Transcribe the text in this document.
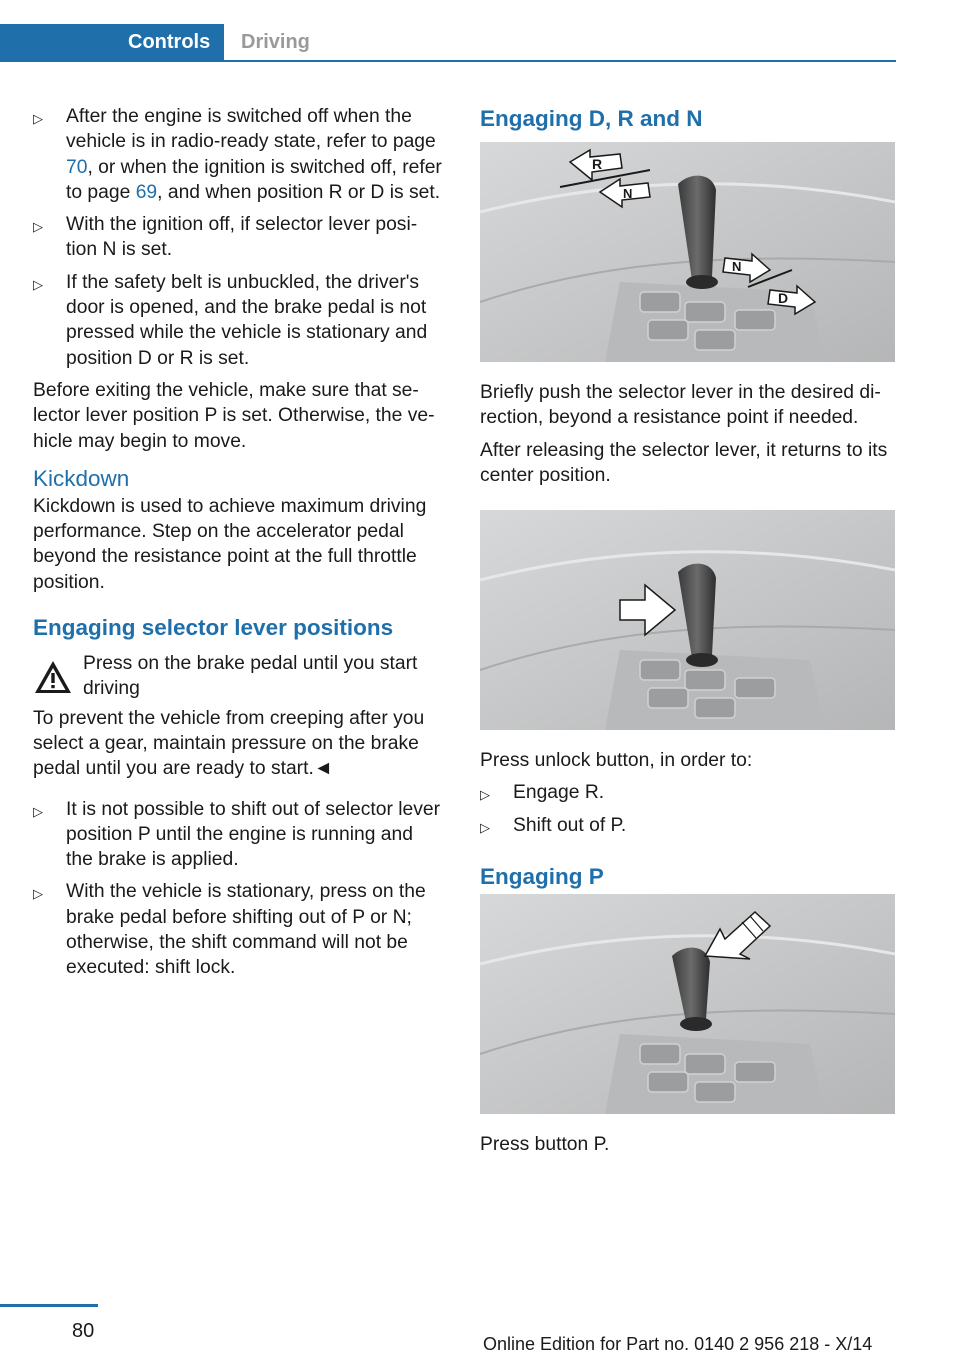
Controls Driving
▷ After the engine is switched off when the vehicle is in radio-ready state, refer to page 70, or when the ignition is switched off, refer to page 69, and when position R or D is set.
▷ With the ignition off, if selector lever posi‐tion N is set.
▷ If the safety belt is unbuckled, the driver's door is opened, and the brake pedal is not pressed while the vehicle is stationary and position D or R is set.

Before exiting the vehicle, make sure that se‐lector lever position P is set. Otherwise, the ve‐hicle may begin to move.

Kickdown

Kickdown is used to achieve maximum driving performance. Step on the accelerator pedal beyond the resistance point at the full throttle position.

Engaging selector lever positions
Press on the brake pedal until you start driving

To prevent the vehicle from creeping after you select a gear, maintain pressure on the brake pedal until you are ready to start.◄

▷ It is not possible to shift out of selector lever position P until the engine is running and the brake is applied.
▷ With the vehicle is stationary, press on the brake pedal before shifting out of P or N; otherwise, the shift command will not be executed: shift lock.
Engaging D, R and N
R
N
N
D

Briefly push the selector lever in the desired di‐rection, beyond a resistance point if needed.

After releasing the selector lever, it returns to its center position.

Press unlock button, in order to:

▷ Engage R.
▷ Shift out of P.
Engaging P

Press button P.

80
Online Edition for Part no. 0140 2 956 218 - X/14
